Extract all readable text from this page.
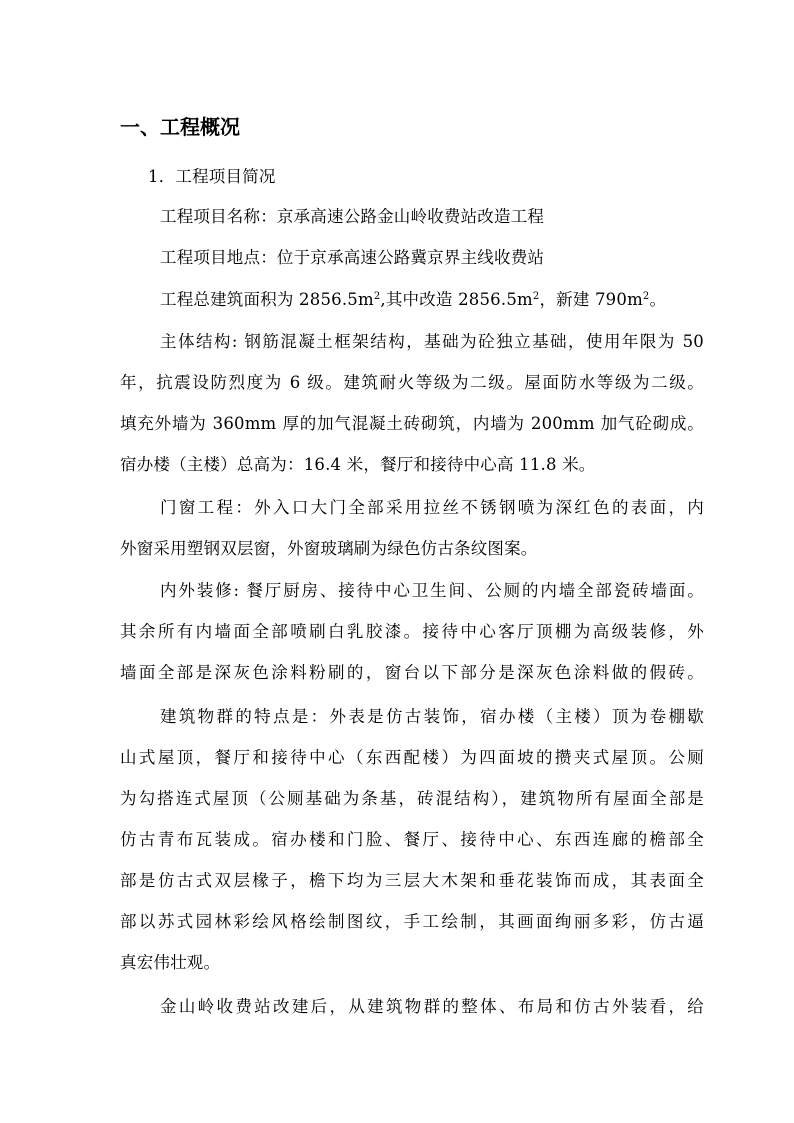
一、工程概况
1．工程项目简况
工程项目名称：京承高速公路金山岭收费站改造工程
工程项目地点：位于京承高速公路冀京界主线收费站
工程总建筑面积为 $2856.5m^2$,其中改造 $2856.5m^2$，新建 $790m^2$。
主体结构: 钢筋混凝土框架结构，基础为砼独立基础，使用年限为 50
年，抗震设防烈度为 6 级。建筑耐火等级为二级。屋面防水等级为二级。
填充外墙为 360mm 厚的加气混凝土砖砌筑，内墙为 200mm 加气砼砌成。
宿办楼（主楼）总高为：16.4 米，餐厅和接待中心高 11.8 米。
门窗工程：外入口大门全部采用拉丝不锈钢喷为深红色的表面，内
外窗采用塑钢双层窗，外窗玻璃刷为绿色仿古条纹图案。
内外装修: 餐厅厨房、接待中心卫生间、公厕的内墙全部瓷砖墙面。
其余所有内墙面全部喷刷白乳胶漆。接待中心客厅顶棚为高级装修，外
墙面全部是深灰色涂料粉刷的，窗台以下部分是深灰色涂料做的假砖。
建筑物群的特点是：外表是仿古装饰，宿办楼（主楼）顶为卷棚歇
山式屋顶，餐厅和接待中心（东西配楼）为四面坡的攒夹式屋顶。公厕
为勾搭连式屋顶（公厕基础为条基，砖混结构），建筑物所有屋面全部是
仿古青布瓦装成。宿办楼和门脸、餐厅、接待中心、东西连廊的檐部全
部是仿古式双层椽子，檐下均为三层大木架和垂花装饰而成，其表面全
部以苏式园林彩绘风格绘制图纹，手工绘制，其画面绚丽多彩，仿古逼
真宏伟壮观。
金山岭收费站改建后，从建筑物群的整体、布局和仿古外装看，给
